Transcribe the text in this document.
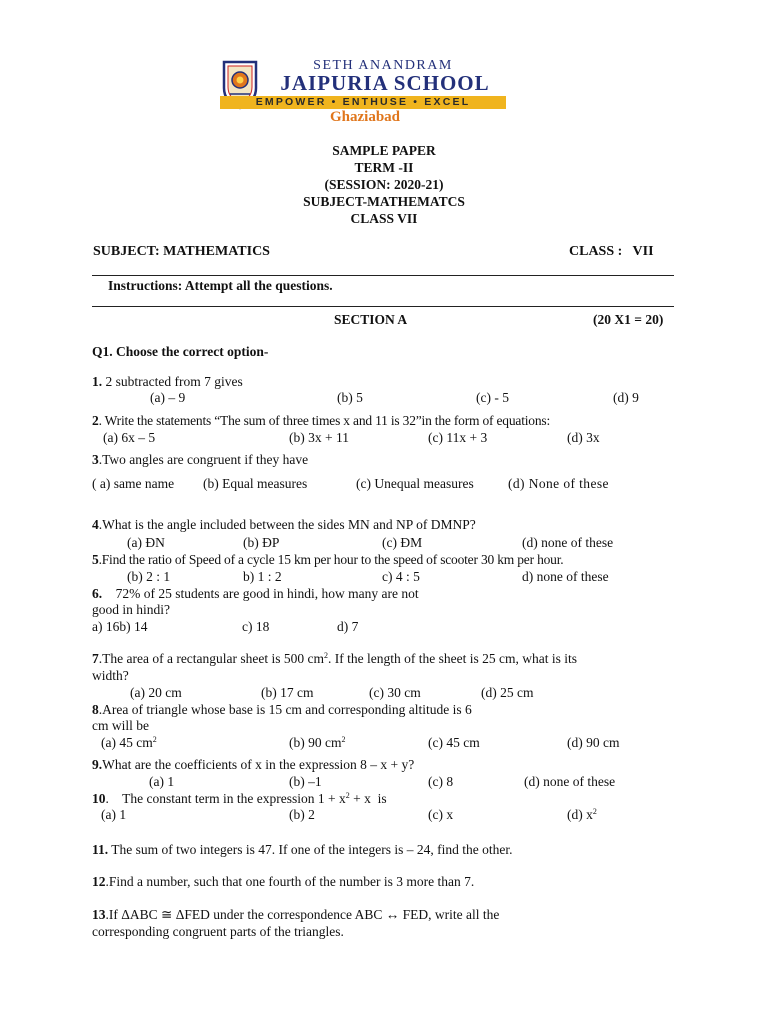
SETH ANANDRAM
JAIPURIA SCHOOL
EMPOWER • ENTHUSE • EXCEL
Ghaziabad
SAMPLE PAPER
TERM -II
(SESSION: 2020-21)
SUBJECT-MATHEMATCS
CLASS VII
SUBJECT: MATHEMATICS	CLASS :   VII
Instructions: Attempt all the questions.
SECTION A	(20 X1 = 20)
Q1. Choose the correct option-
1. 2 subtracted from 7 gives
(a) – 9	(b) 5	(c) - 5	(d) 9
2. Write the statements “The sum of three times x and 11 is 32”in the form of equations:
(a) 6x – 5	(b) 3x + 11	(c) 11x + 3	(d) 3x
3.Two angles are congruent if they have
( a) same name (b) Equal measures	(c) Unequal measures	(d) None of these
4.What is the angle included between the sides MN and NP of DMNP?
(a) ÐN	(b) ÐP	(c) ÐM	(d) none of these
5.Find the ratio of Speed of a cycle 15 km per hour to the speed of scooter 30 km per hour.
(b) 2 : 1	b) 1 : 2	c) 4 : 5	d) none of these
6. 72% of 25 students are good in hindi, how many are not
good in hindi?
a) 16b) 14	c) 18	d) 7
7.The area of a rectangular sheet is 500 $cm^2$. If the length of the sheet is 25 cm, what is its
width?
(a) 20 cm	(b) 17 cm	(c) 30 cm	(d) 25 cm
8.Area of triangle whose base is 15 cm and corresponding altitude is 6
cm will be
(a) 45 $cm^2$	(b) 90 $cm^2$	(c) 45 cm	(d) 90 cm
9.What are the coefficients of x in the expression 8 – x + y?
(a) 1	(b) –1	(c) 8	(d) none of these
10.    The constant term in the expression $1 + x^2 + x$  is
(a) 1	(b) 2	(c) x	(d) $x^2$
11. The sum of two integers is 47. If one of the integers is – 24, find the other.
12.Find a number, such that one fourth of the number is 3 more than 7.
13.If ΔABC ≅ ΔFED under the correspondence ABC ↔ FED, write all the
corresponding congruent parts of the triangles.
